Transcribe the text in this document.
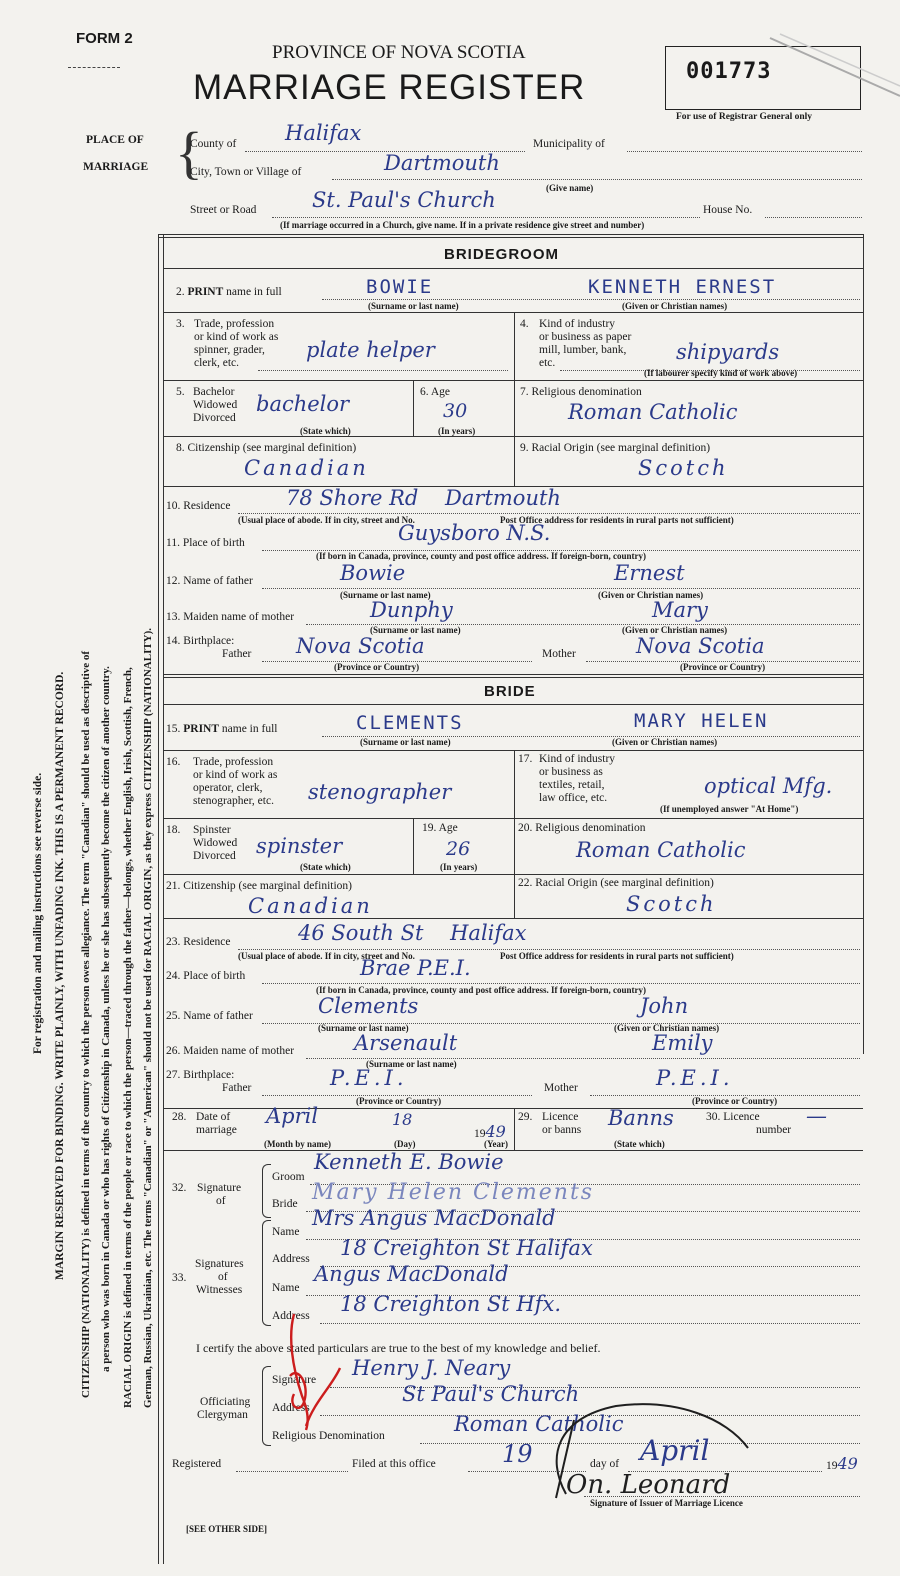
FORM 2
PROVINCE OF NOVA SCOTIA
MARRIAGE REGISTER	001773
For use of Registrar General only
PLACE OF
MARRIAGE {
County of Halifax	Municipality of
City, Town or Village of	Dartmouth
(Give name)
Street or Road	St. Paul's Church	House No.
(If marriage occurred in a Church, give name. If in a private residence give street and number)
For registration and mailing instructions see reverse side. MARGIN RESERVED FOR BINDING. WRITE PLAINLY, WITH UNFADING INK. THIS IS A PERMANENT RECORD. CITIZENSHIP (NATIONALITY) is defined in terms of the country to which the person owes allegiance. The term "Canadian" should be used as descriptive of a person who was born in Canada or who has rights of Citizenship in Canada, unless he or she has subsequently become the citizen of another country. RACIAL ORIGIN is defined in terms of the people or race to which the person—traced through the father—belongs, whether English, Irish, Scottish, French, German, Russian, Ukrainian, etc. The terms "Canadian" or "American" should not be used for RACIAL ORIGIN, as they express CITIZENSHIP (NATIONALITY).
BRIDEGROOM
2. PRINT name in full	BOWIE	KENNETH ERNEST
(Surname or last name)	(Given or Christian names)
3. Trade, profession
or kind of work as
spinner, grader,
clerk, etc.
plate helper
4. Kind of industry
or business as paper
mill, lumber, bank,
etc.	shipyards
(If labourer specify kind of work above)
5. Bachelor
Widowed
Divorced
bachelor
(State which)
6. Age
30
(In years)
7. Religious denomination
Roman Catholic
8. Citizenship (see marginal definition)
Canadian
9. Racial Origin (see marginal definition)
Scotch
10. Residence	78 Shore Rd    Dartmouth
(Usual place of abode. If in city, street and No.	Post Office address for residents in rural parts not sufficient)
11. Place of birth	Guysboro N.S.
(If born in Canada, province, county and post office address. If foreign-born, country)
12. Name of father	Bowie	Ernest
(Surname or last name)	(Given or Christian names)
13. Maiden name of mother	Dunphy	Mary
(Surname or last name)	(Given or Christian names)
14. Birthplace:
Father Nova Scotia	Mother	Nova Scotia
(Province or Country)	(Province or Country)
BRIDE
15. PRINT name in full	CLEMENTS	MARY HELEN
(Surname or last name)	(Given or Christian names)
16. Trade, profession
or kind of work as
operator, clerk,
stenographer, etc. stenographer
17. Kind of industry
or business as
textiles, retail,
law office, etc.	optical Mfg.
(If unemployed answer "At Home")
18. Spinster
Widowed
Divorced spinster
(State which)
19. Age
26
(In years)
20. Religious denomination
Roman Catholic
21. Citizenship (see marginal definition)
Canadian
22. Racial Origin (see marginal definition)
Scotch
23. Residence	46 South St    Halifax
(Usual place of abode. If in city, street and No.	Post Office address for residents in rural parts not sufficient)
24. Place of birth	Brae P.E.I.
(If born in Canada, province, county and post office address. If foreign-born, country)
25. Name of father	Clements	John
(Surname or last name)	(Given or Christian names)
26. Maiden name of mother	Arsenault	Emily
(Surname or last name)
27. Birthplace:
Father	P.E.I.	Mother	P.E.I.
(Province or Country)	(Province or Country)
28. Date of
marriage
April	18
1949
(Month by name)	(Day)	(Year)
29. Licence
or banns Banns
(State which)
30. Licence
number
—
32. Signature
of
Groom
Kenneth E. Bowie
Bride Mary Helen Clements
33.
Signatures
of
Witnesses
Name
Mrs Angus MacDonald
Address 18 Creighton St Halifax
Name
Angus MacDonald
Address 18 Creighton St Hfx.
I certify the above stated particulars are true to the best of my knowledge and belief.
Officiating
Clergyman
Signature Henry J. Neary
Address
St Paul's Church
Religious Denomination	Roman Catholic
Registered	Filed at this office	19	day of April	1949
On. Leonard
Signature of Issuer of Marriage Licence
[SEE OTHER SIDE]
